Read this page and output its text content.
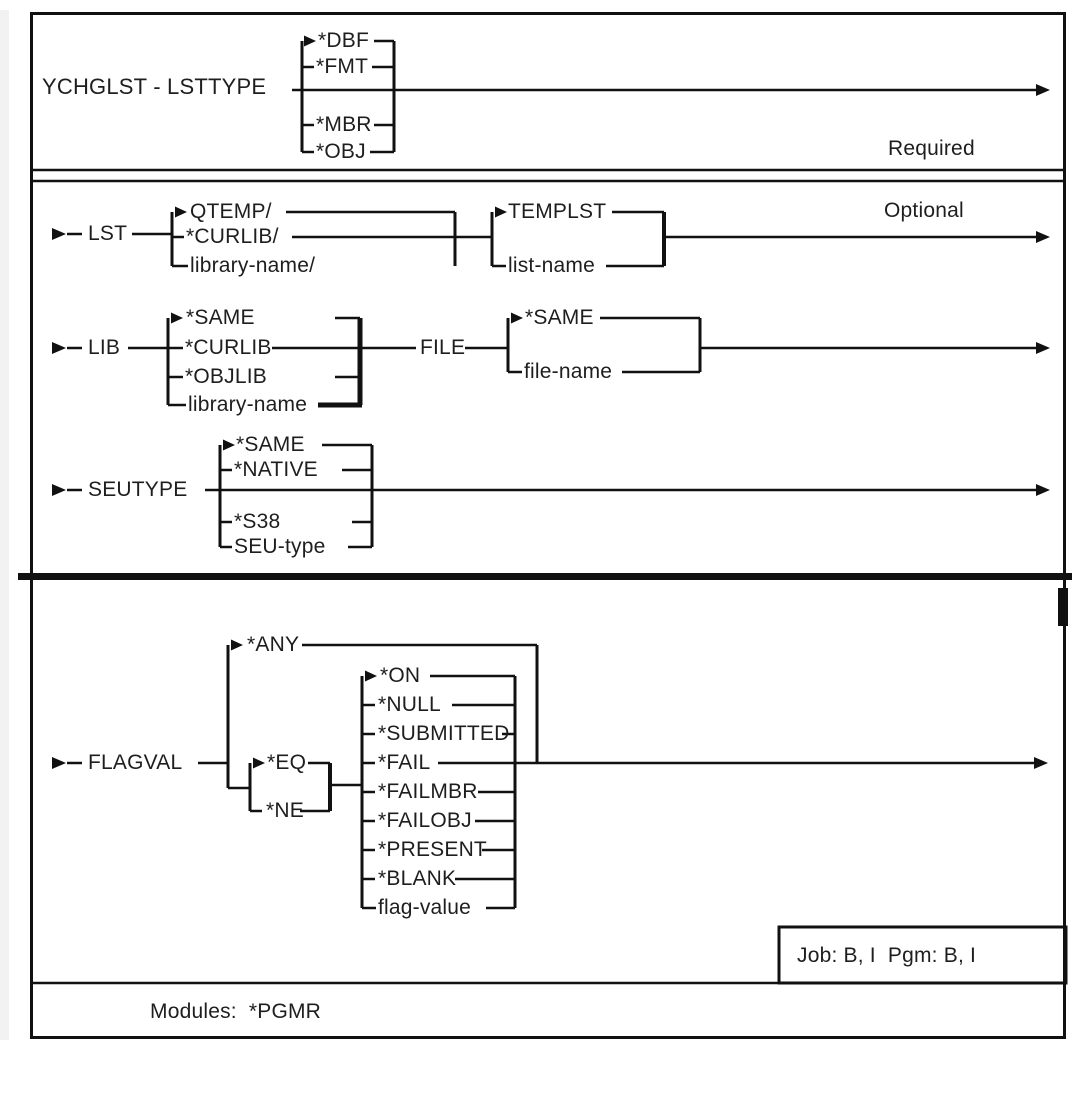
YCHGLST - LSTTYPE
*DBF
*FMT
*MBR
*OBJ	Required
LST
QTEMP/
*CURLIB/
library-name/
TEMPLST
list-name
Optional
LIB
*SAME
*CURLIB
*OBJLIB
library-name
FILE
*SAME
file-name
SEUTYPE
*SAME
*NATIVE
*S38
SEU-type
FLAGVAL
*ANY
*EQ
*NE
*ON
*NULL
*SUBMITTED
*FAIL
*FAILMBR
*FAILOBJ
*PRESENT
*BLANK
flag-value
Job: B, I  Pgm: B, I
Modules:  *PGMR
